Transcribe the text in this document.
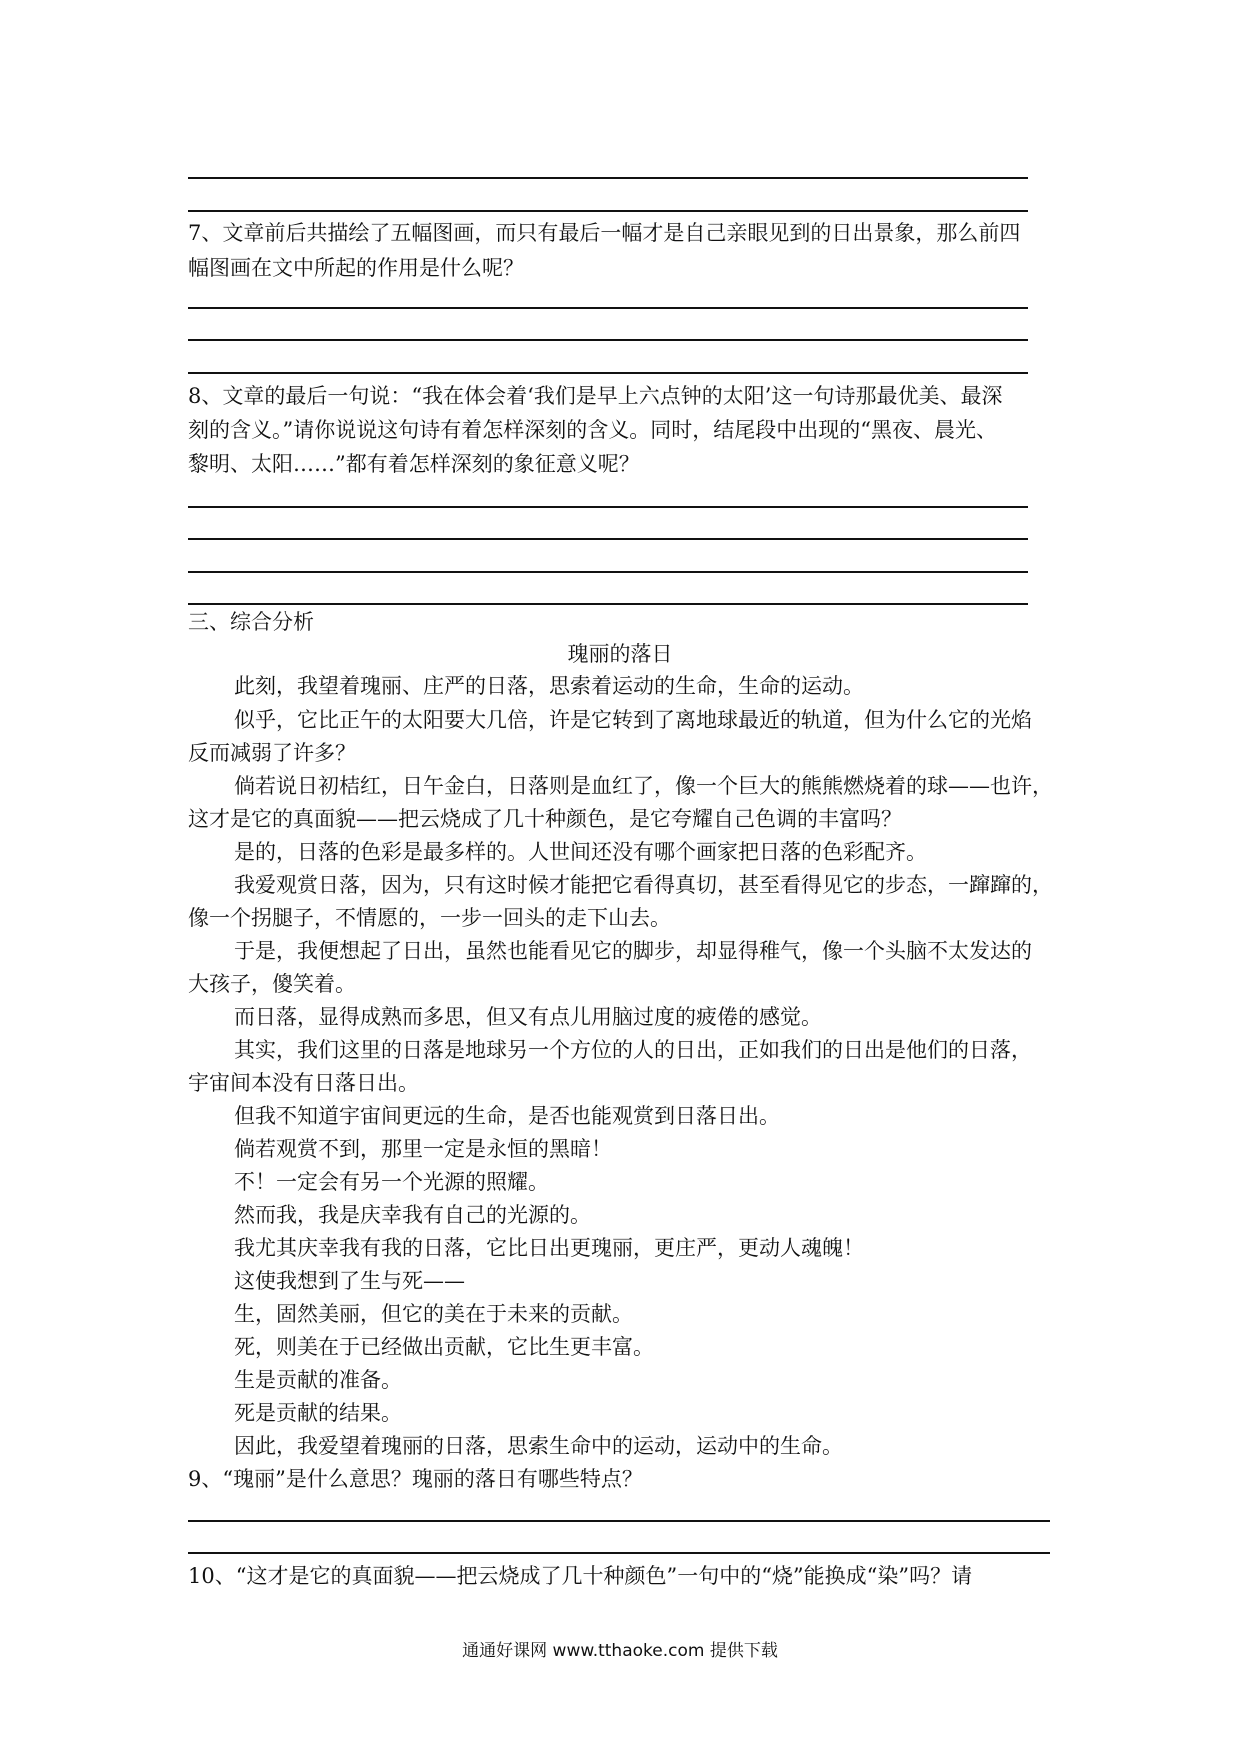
7、文章前后共描绘了五幅图画，而只有最后一幅才是自己亲眼见到的日出景象，那么前四
幅图画在文中所起的作用是什么呢？
8、文章的最后一句说：“我在体会着‘我们是早上六点钟的太阳’这一句诗那最优美、最深
刻的含义。”请你说说这句诗有着怎样深刻的含义。同时，结尾段中出现的“黑夜、晨光、
黎明、太阳……”都有着怎样深刻的象征意义呢？
三、综合分析
瑰丽的落日
此刻，我望着瑰丽、庄严的日落，思索着运动的生命，生命的运动。
似乎，它比正午的太阳要大几倍，许是它转到了离地球最近的轨道，但为什么它的光焰
反而减弱了许多？
倘若说日初桔红，日午金白，日落则是血红了，像一个巨大的熊熊燃烧着的球——也许，
这才是它的真面貌——把云烧成了几十种颜色，是它夸耀自己色调的丰富吗？
是的，日落的色彩是最多样的。人世间还没有哪个画家把日落的色彩配齐。
我爱观赏日落，因为，只有这时候才能把它看得真切，甚至看得见它的步态，一蹿蹿的，
像一个拐腿子，不情愿的，一步一回头的走下山去。
于是，我便想起了日出，虽然也能看见它的脚步，却显得稚气，像一个头脑不太发达的
大孩子，傻笑着。
而日落，显得成熟而多思，但又有点儿用脑过度的疲倦的感觉。
其实，我们这里的日落是地球另一个方位的人的日出，正如我们的日出是他们的日落，
宇宙间本没有日落日出。
但我不知道宇宙间更远的生命，是否也能观赏到日落日出。
倘若观赏不到，那里一定是永恒的黑暗！
不！一定会有另一个光源的照耀。
然而我，我是庆幸我有自己的光源的。
我尤其庆幸我有我的日落，它比日出更瑰丽，更庄严，更动人魂魄！
这使我想到了生与死——
生，固然美丽，但它的美在于未来的贡献。
死，则美在于已经做出贡献，它比生更丰富。
生是贡献的准备。
死是贡献的结果。
因此，我爱望着瑰丽的日落，思索生命中的运动，运动中的生命。
9、“瑰丽”是什么意思？瑰丽的落日有哪些特点？
10、“这才是它的真面貌——把云烧成了几十种颜色”一句中的“烧”能换成“染”吗？请
通通好课网 www.tthaoke.com 提供下载
